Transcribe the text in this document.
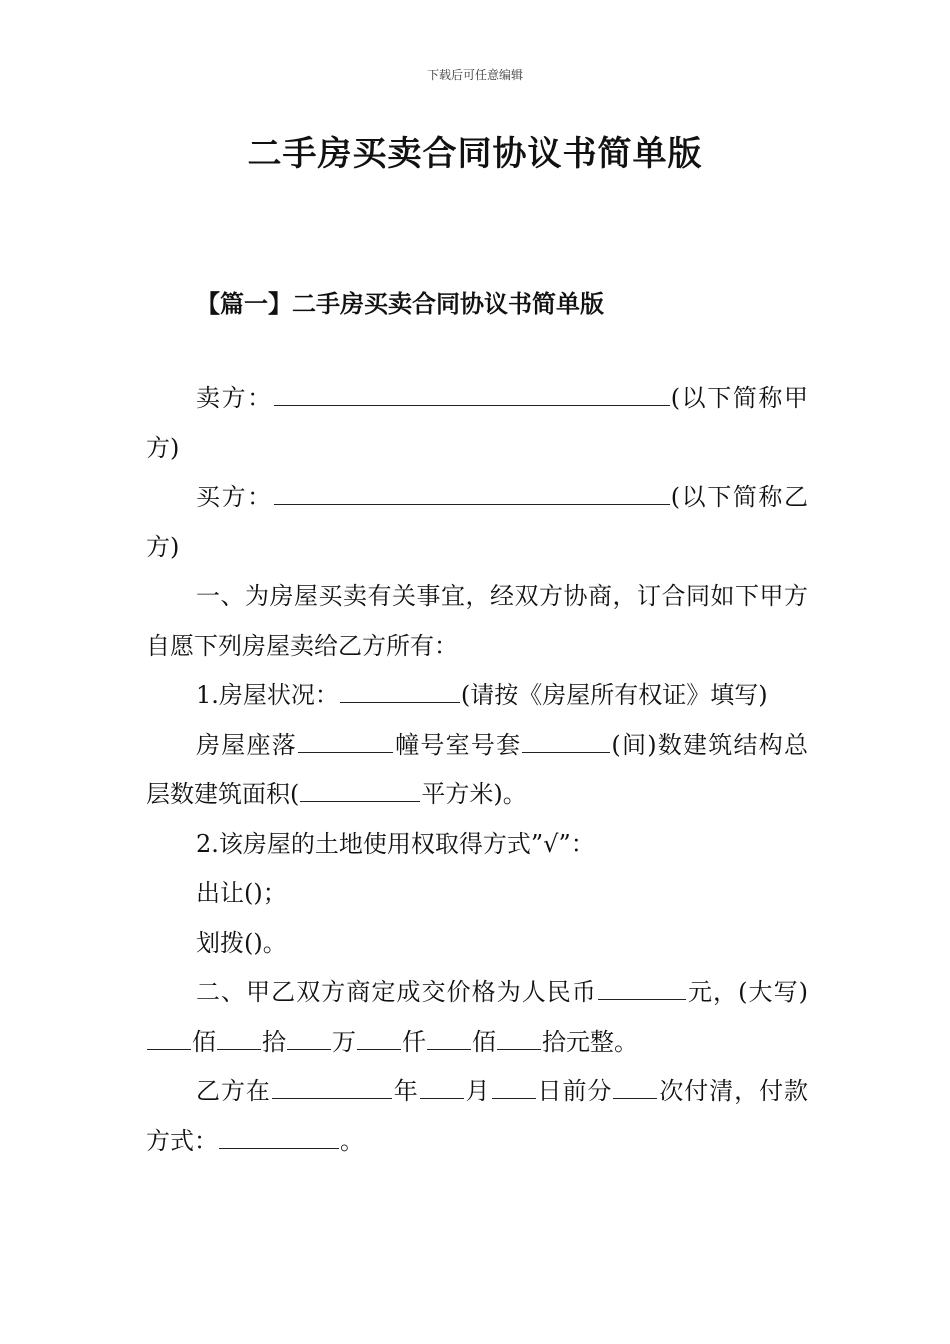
下载后可任意编辑
二手房买卖合同协议书简单版
【篇一】二手房买卖合同协议书简单版

卖方：	(以下简称甲方)

买方：	(以下简称乙方)

一、为房屋买卖有关事宜，经双方协商，订合同如下甲方自愿下列房屋卖给乙方所有：

1.房屋状况：	(请按《房屋所有权证》填写)

房屋座落	幢号室号套	(间)数建筑结构总层数建筑面积(	平方米)。

2.该房屋的土地使用权取得方式”√”：

出让()；

划拨()。

二、甲乙双方商定成交价格为人民币	元，(大写)佰 拾 万 仟 佰 拾元整。

乙方在	年 月 日前分 次付清，付款方式：	。
